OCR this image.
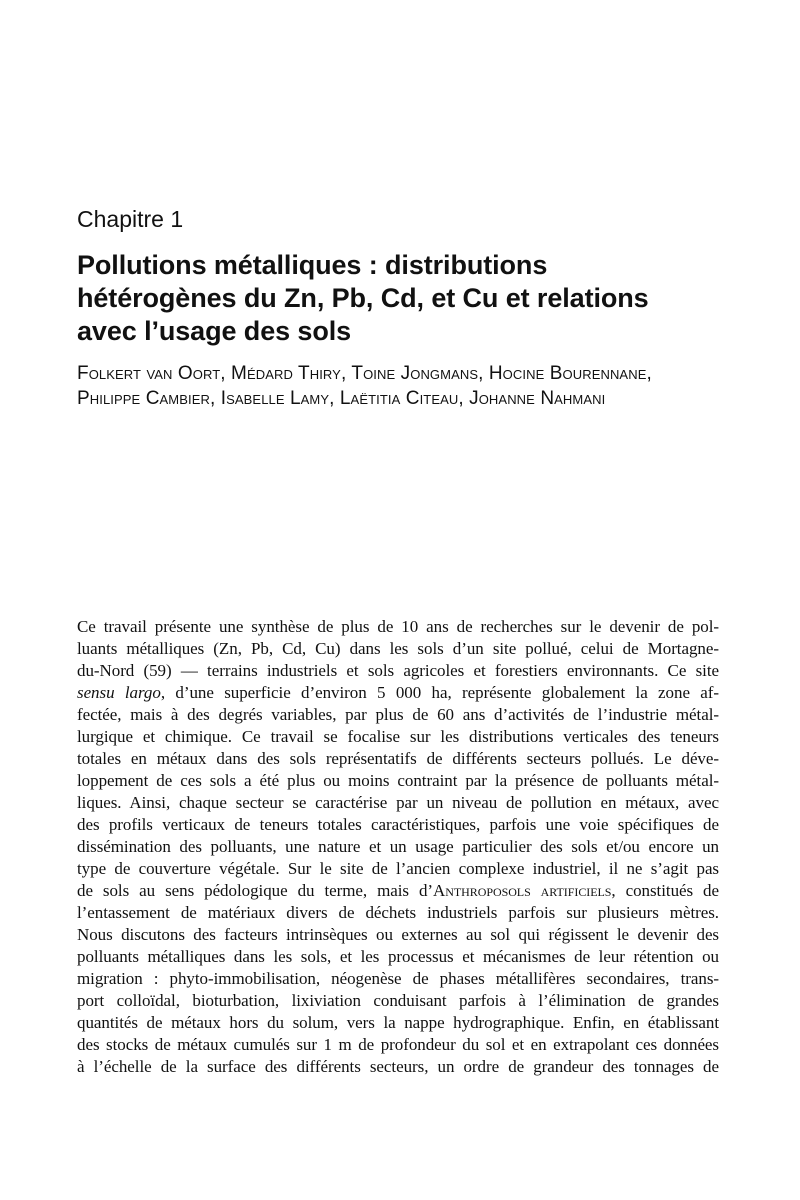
Chapitre 1
Pollutions métalliques : distributions hétérogènes du Zn, Pb, Cd, et Cu et relations avec l’usage des sols
Folkert van Oort, Médard Thiry, Toine Jongmans, Hocine Bourennane,
Philippe Cambier, Isabelle Lamy, Laëtitia Citeau, Johanne Nahmani
Ce travail présente une synthèse de plus de 10 ans de recherches sur le devenir de pol-
luants métalliques (Zn, Pb, Cd, Cu) dans les sols d’un site pollué, celui de Mortagne-
du-Nord (59) — terrains industriels et sols agricoles et forestiers environnants. Ce site
sensu largo, d’une superficie d’environ 5 000 ha, représente globalement la zone af-
fectée, mais à des degrés variables, par plus de 60 ans d’activités de l’industrie métal-
lurgique et chimique. Ce travail se focalise sur les distributions verticales des teneurs
totales en métaux dans des sols représentatifs de différents secteurs pollués. Le déve-
loppement de ces sols a été plus ou moins contraint par la présence de polluants métal-
liques. Ainsi, chaque secteur se caractérise par un niveau de pollution en métaux, avec
des profils verticaux de teneurs totales caractéristiques, parfois une voie spécifiques de
dissémination des polluants, une nature et un usage particulier des sols et/ou encore un
type de couverture végétale. Sur le site de l’ancien complexe industriel, il ne s’agit pas
de sols au sens pédologique du terme, mais d’Anthroposols artificiels, constitués de
l’entassement de matériaux divers de déchets industriels parfois sur plusieurs mètres.
Nous discutons des facteurs intrinsèques ou externes au sol qui régissent le devenir des
polluants métalliques dans les sols, et les processus et mécanismes de leur rétention ou
migration : phyto-immobilisation, néogenèse de phases métallifères secondaires, trans-
port colloïdal, bioturbation, lixiviation conduisant parfois à l’élimination de grandes
quantités de métaux hors du solum, vers la nappe hydrographique. Enfin, en établissant
des stocks de métaux cumulés sur 1 m de profondeur du sol et en extrapolant ces données
à l’échelle de la surface des différents secteurs, un ordre de grandeur des tonnages de
